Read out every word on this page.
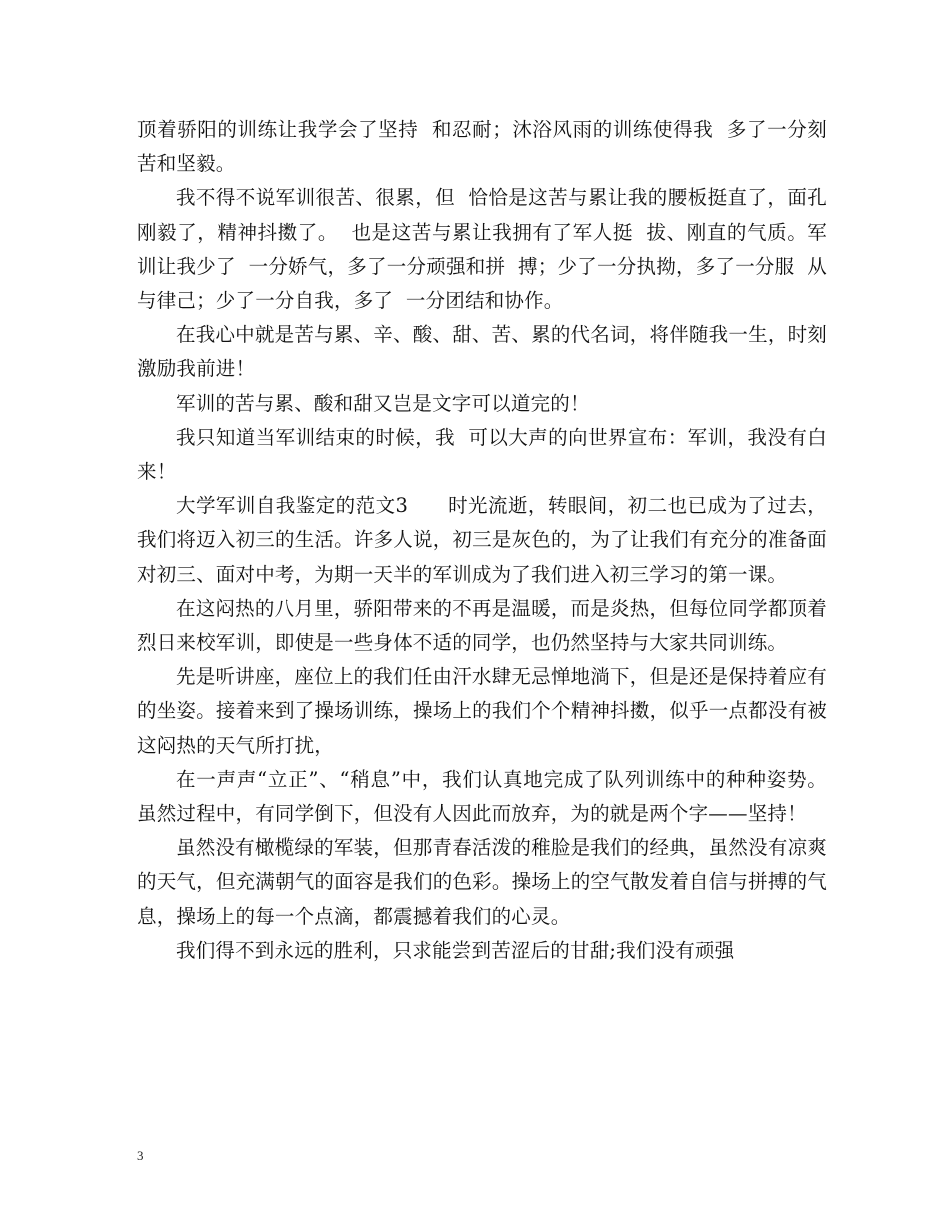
顶着骄阳的训练让我学会了坚持  和忍耐；沐浴风雨的训练使得我  多了一分刻苦和坚毅。

我不得不说军训很苦、很累，但  恰恰是这苦与累让我的腰板挺直了，面孔刚毅了，精神抖擞了。  也是这苦与累让我拥有了军人挺  拔、刚直的气质。军训让我少了  一分娇气，多了一分顽强和拼  搏；少了一分执拗，多了一分服  从与律己；少了一分自我，多了  一分团结和协作。

在我心中就是苦与累、辛、酸、甜、苦、累的代名词，将伴随我一生，时刻激励我前进！

军训的苦与累、酸和甜又岂是文字可以道完的！

我只知道当军训结束的时候，我  可以大声的向世界宣布：军训，我没有白来！

大学军训自我鉴定的范文3      时光流逝，转眼间，初二也已成为了过去，我们将迈入初三的生活。许多人说，初三是灰色的，为了让我们有充分的准备面对初三、面对中考，为期一天半的军训成为了我们进入初三学习的第一课。

在这闷热的八月里，骄阳带来的不再是温暖，而是炎热，但每位同学都顶着烈日来校军训，即使是一些身体不适的同学，也仍然坚持与大家共同训练。

先是听讲座，座位上的我们任由汗水肆无忌惮地淌下，但是还是保持着应有的坐姿。接着来到了操场训练，操场上的我们个个精神抖擞，似乎一点都没有被这闷热的天气所打扰，

在一声声“立正”、“稍息”中，我们认真地完成了队列训练中的种种姿势。虽然过程中，有同学倒下，但没有人因此而放弃，为的就是两个字——坚持！

虽然没有橄榄绿的军装，但那青春活泼的稚脸是我们的经典，虽然没有凉爽的天气，但充满朝气的面容是我们的色彩。操场上的空气散发着自信与拼搏的气息，操场上的每一个点滴，都震撼着我们的心灵。

我们得不到永远的胜利，只求能尝到苦涩后的甘甜;我们没有顽强

3
